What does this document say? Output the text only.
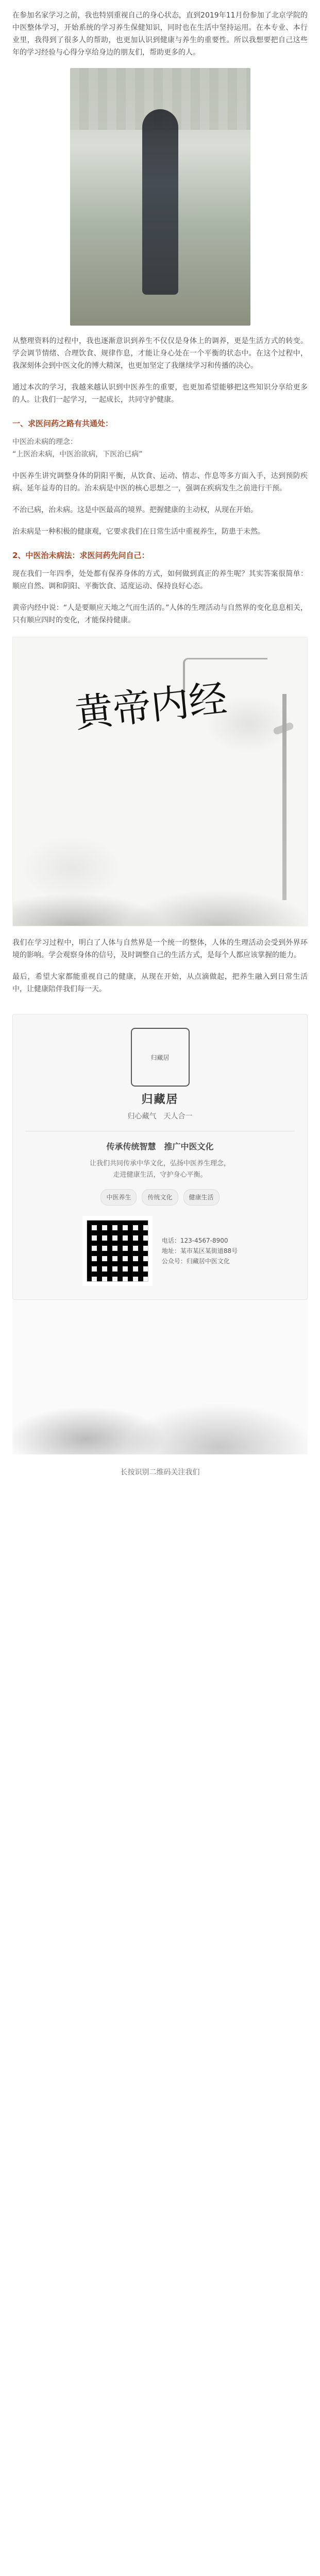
在参加名家学习之前，我也特别重视自己的身心状态，直到2019年11月份参加了北京学院的中医整体学习，开始系统的学习养生保健知识，同时也在生活中坚持运用。在本专业、本行业里，我得到了很多人的帮助，也更加认识到健康与养生的重要性。所以我想要把自己这些年的学习经验与心得分享给身边的朋友们，帮助更多的人。

从整理资料的过程中，我也逐渐意识到养生不仅仅是身体上的调养，更是生活方式的转变。学会调节情绪、合理饮食、规律作息，才能让身心处在一个平衡的状态中。在这个过程中，我深刻体会到中医文化的博大精深，也更加坚定了我继续学习和传播的决心。

通过本次的学习，我越来越认识到中医养生的重要，也更加希望能够把这些知识分享给更多的人。让我们一起学习，一起成长，共同守护健康。

一、求医问药之路有共通处：
中医治未病的理念：
“上医治未病，中医治欲病，下医治已病”

中医养生讲究调整身体的阴阳平衡，从饮食、运动、情志、作息等多方面入手，达到预防疾病、延年益寿的目的。治未病是中医的核心思想之一，强调在疾病发生之前进行干预。

不治已病，治未病。这是中医最高的境界。把握健康的主动权，从现在开始。

治未病是一种积极的健康观，它要求我们在日常生活中重视养生，防患于未然。

2、中医治未病法：求医问药先问自己：

现在我们一年四季，处处都有保养身体的方式，如何做到真正的养生呢？其实答案很简单：顺应自然、调和阴阳、平衡饮食、适度运动、保持良好心态。

黄帝内经中说：“人是要顺应天地之气而生活的。”人体的生理活动与自然界的变化息息相关，只有顺应四时的变化，才能保持健康。

黄帝内经

我们在学习过程中，明白了人体与自然界是一个统一的整体，人体的生理活动会受到外界环境的影响。学会观察身体的信号，及时调整自己的生活方式，是每个人都应该掌握的能力。

最后，希望大家都能重视自己的健康，从现在开始，从点滴做起，把养生融入到日常生活中，让健康陪伴我们每一天。

归藏居
归藏居
归心藏气　天人合一
传承传统智慧　推广中医文化
让我们共同传承中华文化，弘扬中医养生理念，
走进健康生活，守护身心平衡。
中医养生	传统文化	健康生活
电话：123-4567-8900
地址：某市某区某街道88号
公众号：归藏居中医文化
长按识别二维码关注我们
